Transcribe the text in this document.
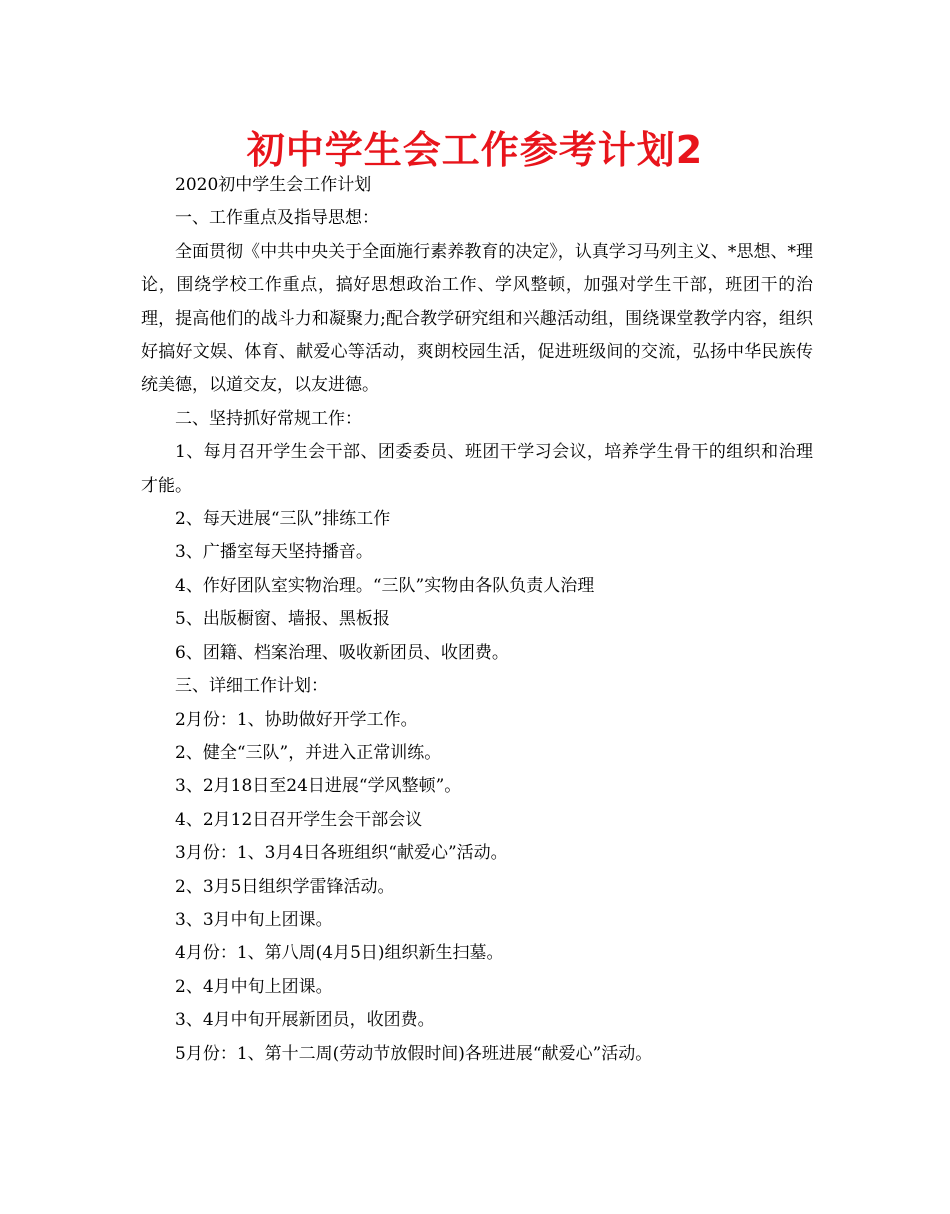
初中学生会工作参考计划2

2020初中学生会工作计划

一、工作重点及指导思想：

全面贯彻《中共中央关于全面施行素养教育的决定》，认真学习马列主义、*思想、*理论，围绕学校工作重点，搞好思想政治工作、学风整顿，加强对学生干部，班团干的治理，提高他们的战斗力和凝聚力;配合教学研究组和兴趣活动组，围绕课堂教学内容，组织好搞好文娱、体育、献爱心等活动，爽朗校园生活，促进班级间的交流，弘扬中华民族传统美德，以道交友，以友进德。

二、坚持抓好常规工作：

1、每月召开学生会干部、团委委员、班团干学习会议，培养学生骨干的组织和治理才能。

2、每天进展“三队”排练工作

3、广播室每天坚持播音。

4、作好团队室实物治理。“三队”实物由各队负责人治理

5、出版橱窗、墙报、黑板报

6、团籍、档案治理、吸收新团员、收团费。

三、详细工作计划：

2月份：1、协助做好开学工作。

2、健全“三队”，并进入正常训练。

3、2月18日至24日进展“学风整顿”。

4、2月12日召开学生会干部会议

3月份：1、3月4日各班组织“献爱心”活动。

2、3月5日组织学雷锋活动。

3、3月中旬上团课。

4月份：1、第八周(4月5日)组织新生扫墓。

2、4月中旬上团课。

3、4月中旬开展新团员，收团费。

5月份：1、第十二周(劳动节放假时间)各班进展“献爱心”活动。
